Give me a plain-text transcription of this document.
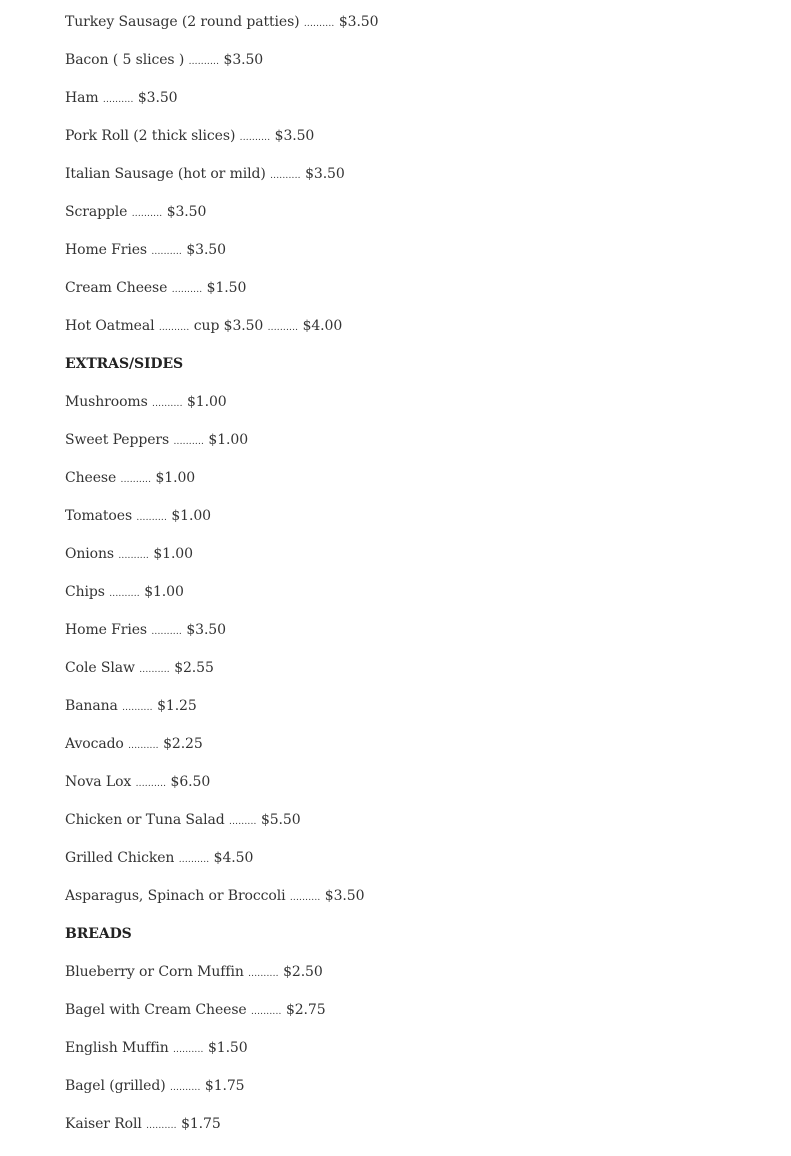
Turkey Sausage (2 round patties) .......... $3.50
Bacon ( 5 slices ) .......... $3.50
Ham .......... $3.50
Pork Roll (2 thick slices) .......... $3.50
Italian Sausage (hot or mild) .......... $3.50
Scrapple .......... $3.50
Home Fries .......... $3.50
Cream Cheese .......... $1.50
Hot Oatmeal .......... cup $3.50 .......... $4.00
EXTRAS/SIDES
Mushrooms .......... $1.00
Sweet Peppers .......... $1.00
Cheese .......... $1.00
Tomatoes .......... $1.00
Onions .......... $1.00
Chips .......... $1.00
Home Fries .......... $3.50
Cole Slaw .......... $2.55
Banana .......... $1.25
Avocado .......... $2.25
Nova Lox .......... $6.50
Chicken or Tuna Salad ......... $5.50
Grilled Chicken .......... $4.50
Asparagus, Spinach or Broccoli .......... $3.50
BREADS
Blueberry or Corn Muffin .......... $2.50
Bagel with Cream Cheese .......... $2.75
English Muffin .......... $1.50
Bagel (grilled) .......... $1.75
Kaiser Roll .......... $1.75
